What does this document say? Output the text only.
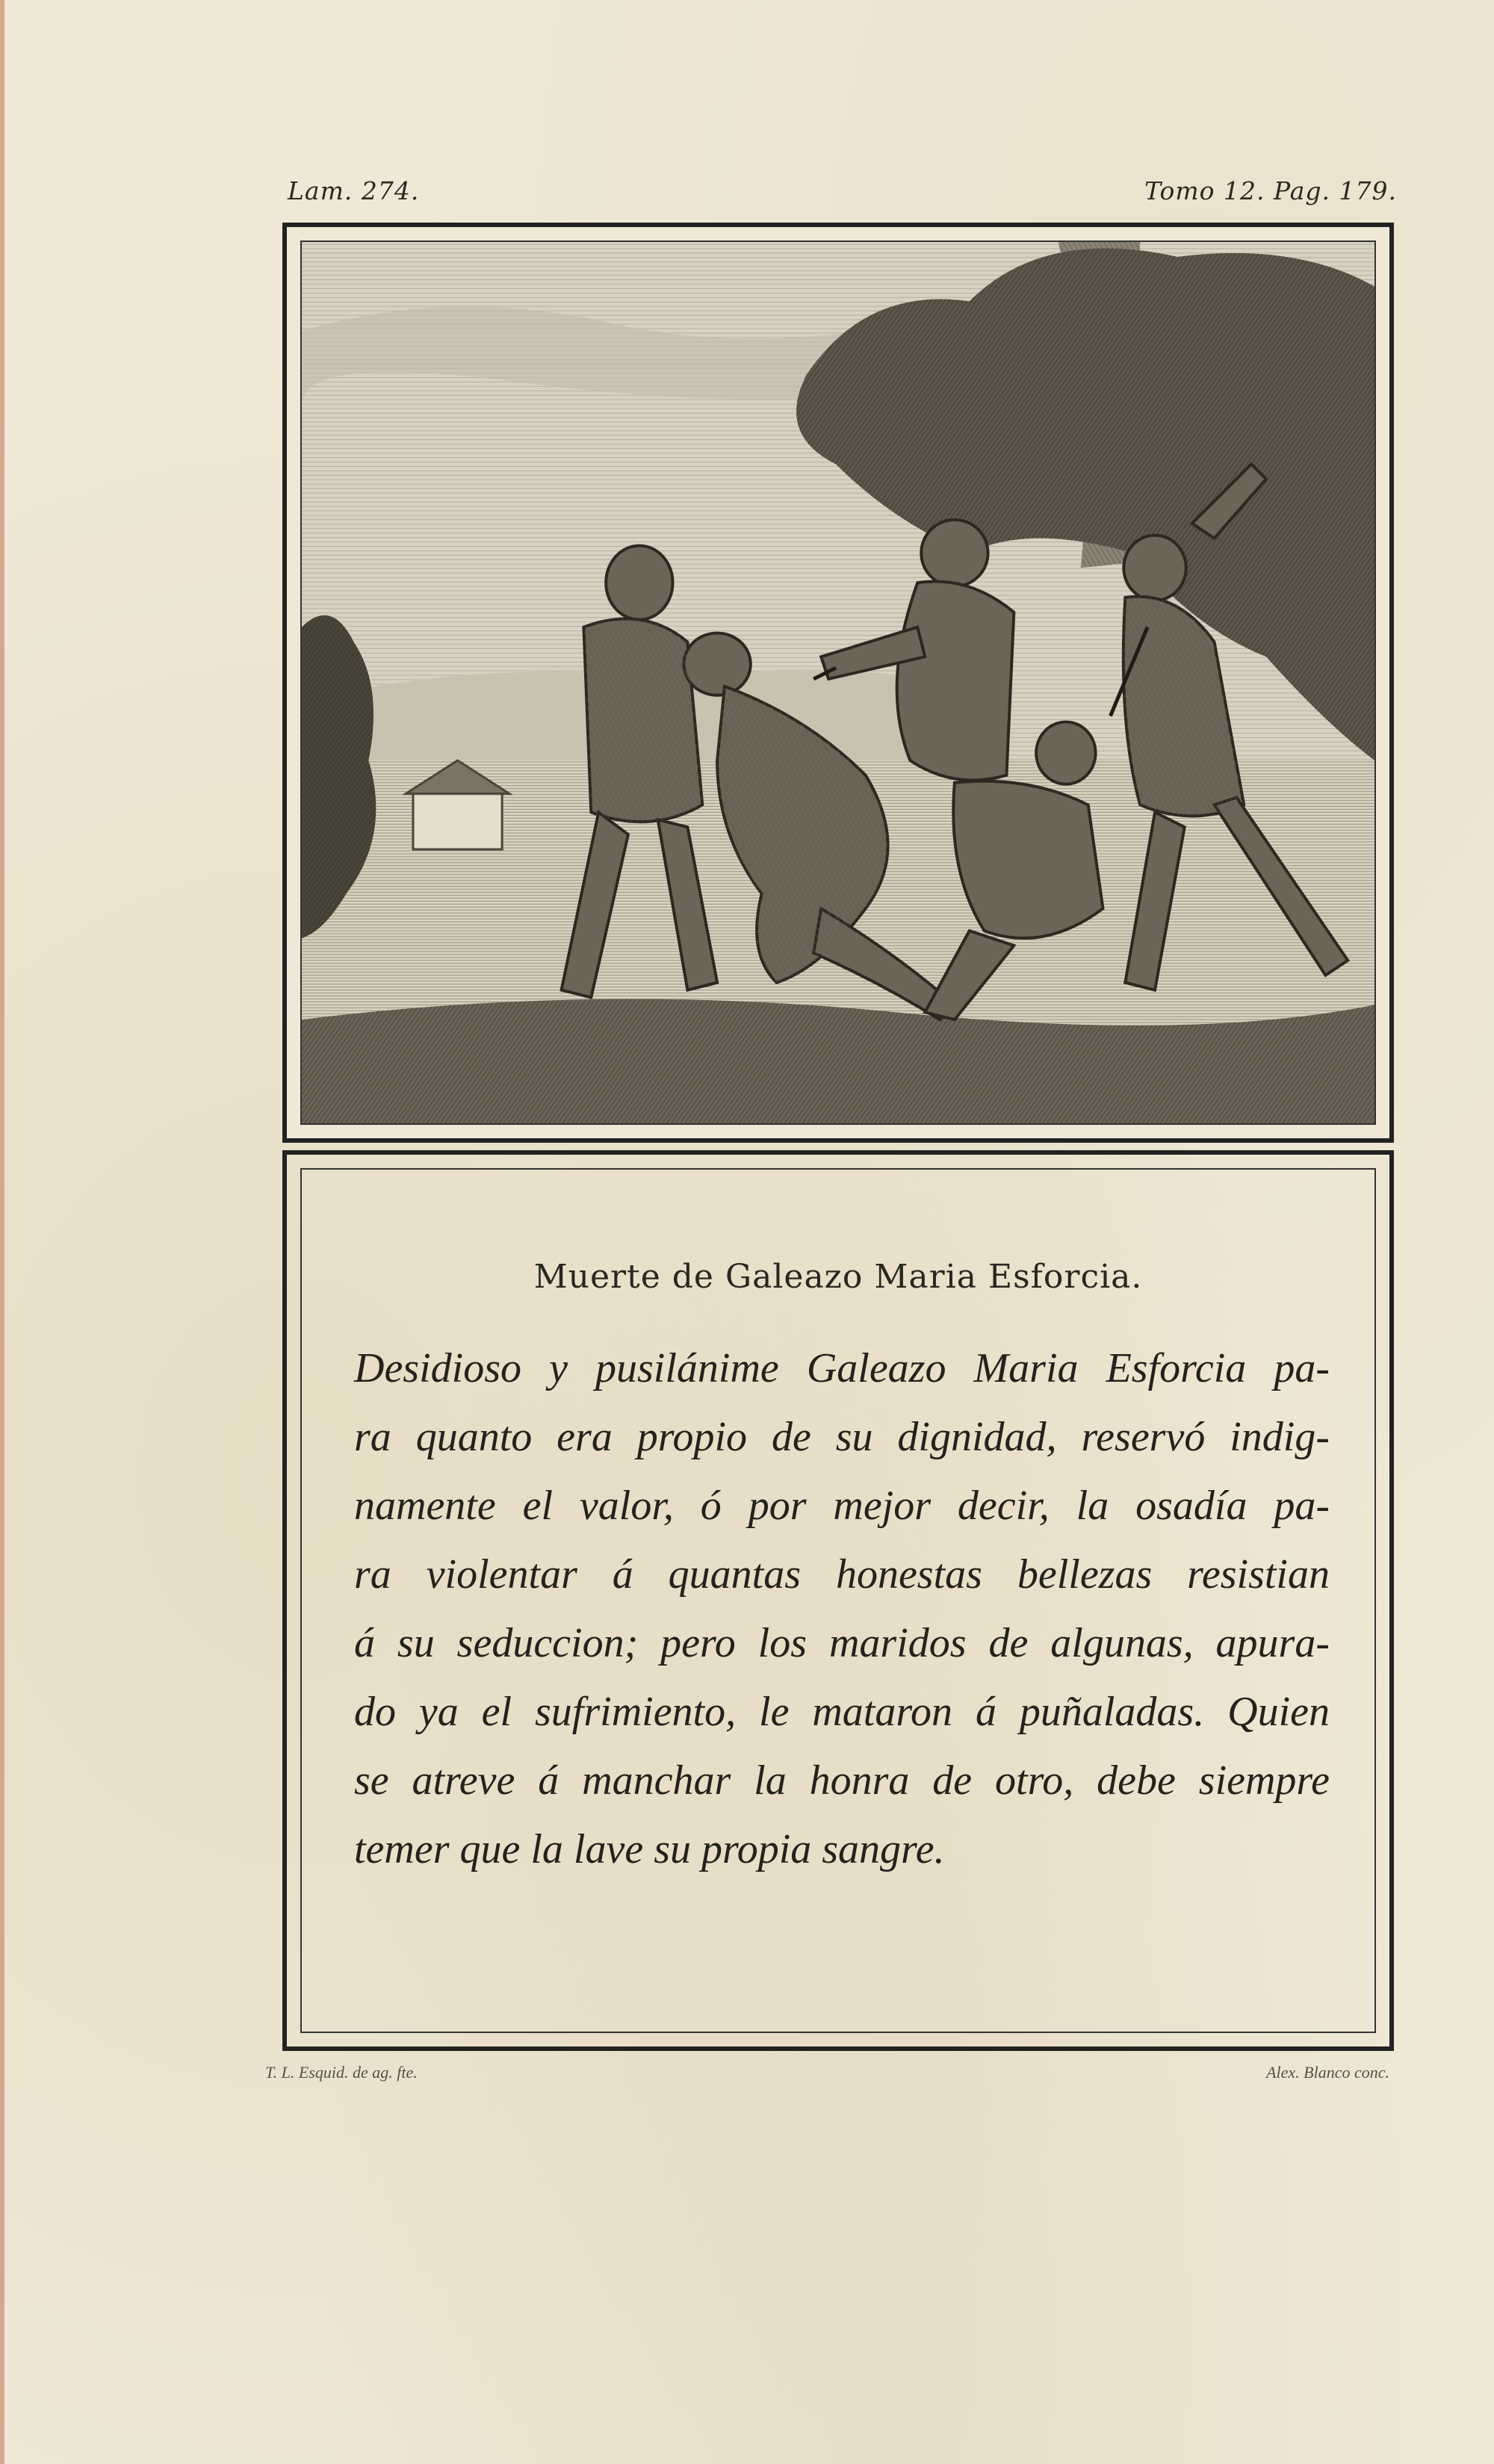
Lam. 274.	Tomo 12. Pag. 179.
Muerte de Galeazo Maria Esforcia.
Desidioso y pusilánime Galeazo Maria Esforcia pa-
ra quanto era propio de su dignidad, reservó indig-
namente el valor, ó por mejor decir, la osadía pa-
ra violentar á quantas honestas bellezas resistian
á su seduccion; pero los maridos de algunas, apura-
do ya el sufrimiento, le mataron á puñaladas. Quien
se atreve á manchar la honra de otro, debe siempre
temer que la lave su propia sangre.
T. L. Esquid. de ag. fte.	Alex. Blanco conc.
